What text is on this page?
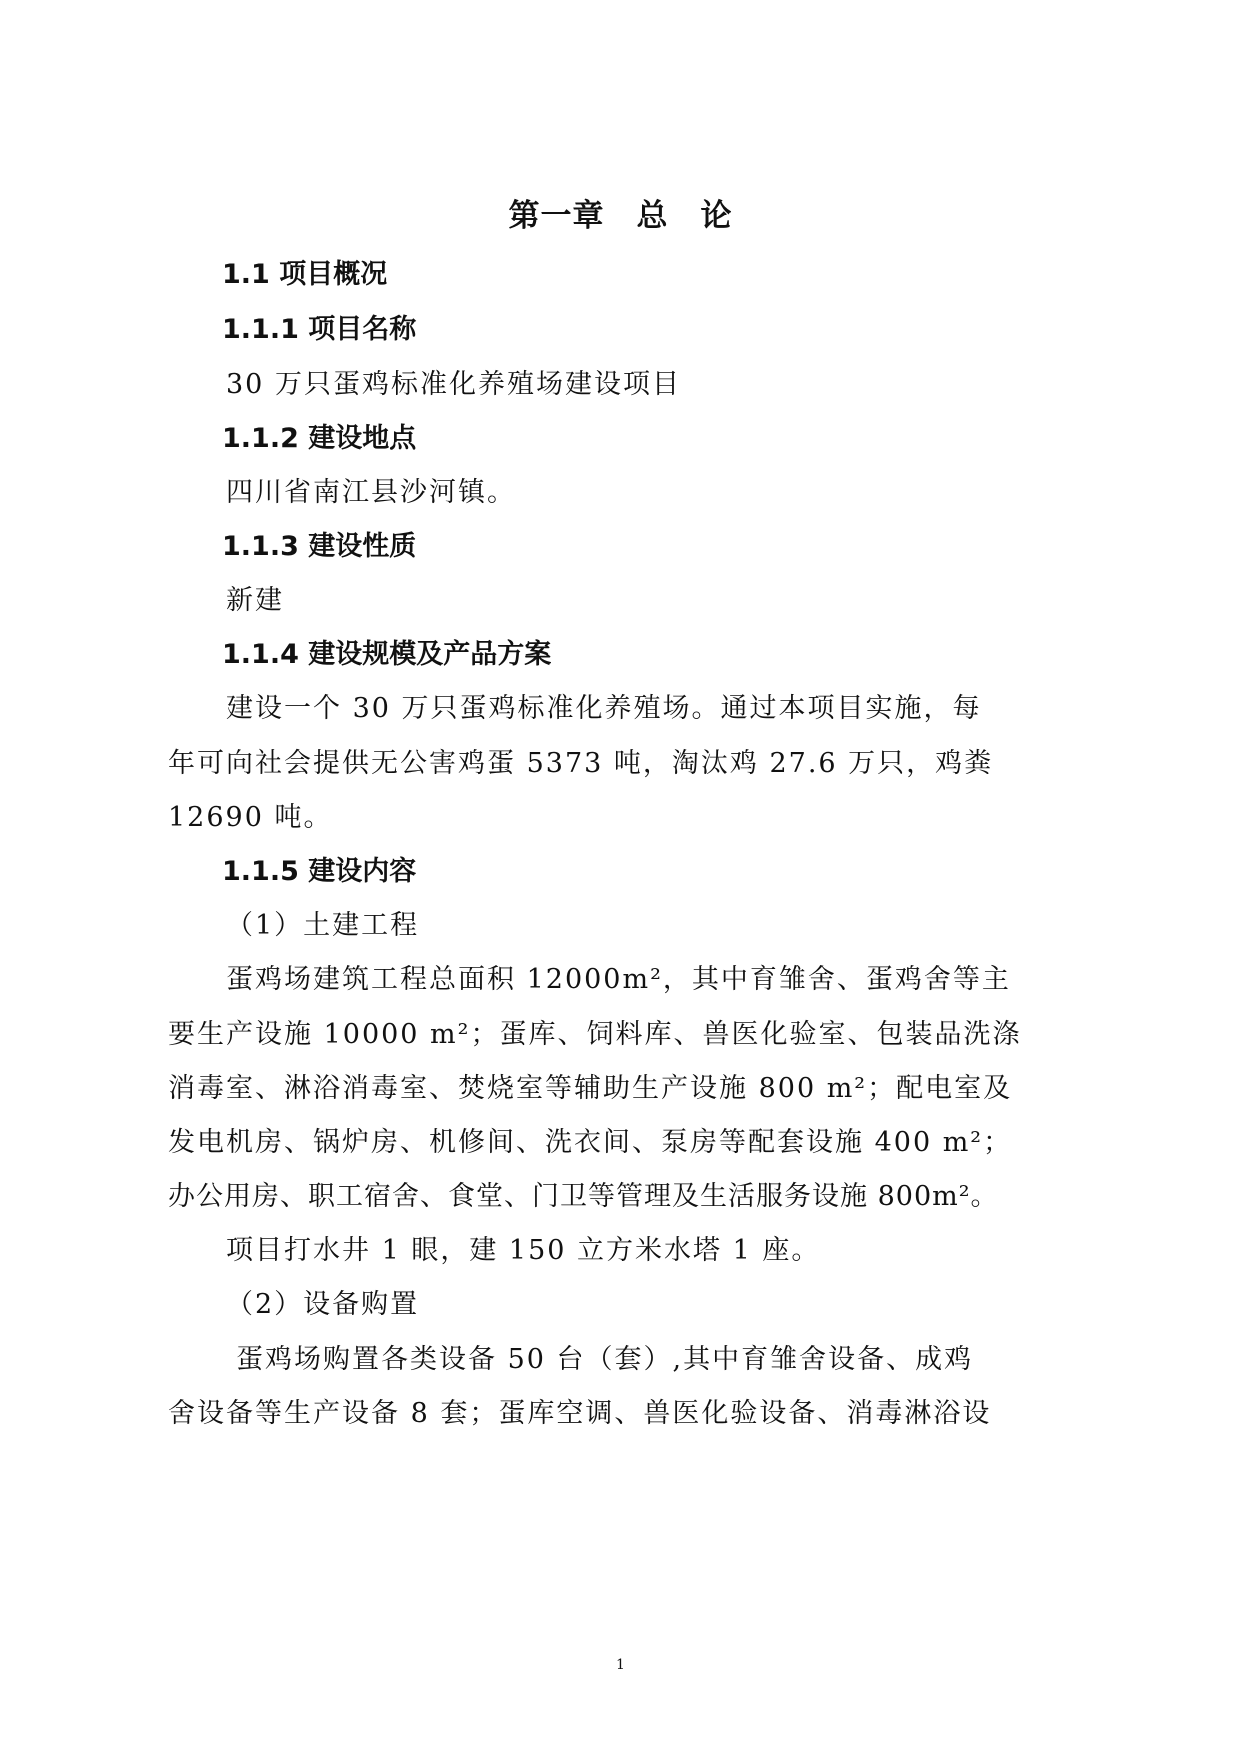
第一章　总　论
1.1 项目概况
1.1.1 项目名称
30 万只蛋鸡标准化养殖场建设项目
1.1.2 建设地点
四川省南江县沙河镇。
1.1.3 建设性质
新建
1.1.4 建设规模及产品方案
建设一个 30 万只蛋鸡标准化养殖场。通过本项目实施，每
年可向社会提供无公害鸡蛋 5373 吨，淘汰鸡 27.6 万只，鸡粪
12690 吨。
1.1.5 建设内容
（1）土建工程
蛋鸡场建筑工程总面积 12000m²，其中育雏舍、蛋鸡舍等主
要生产设施 10000 m²；蛋库、饲料库、兽医化验室、包装品洗涤
消毒室、淋浴消毒室、焚烧室等辅助生产设施 800 m²；配电室及
发电机房、锅炉房、机修间、洗衣间、泵房等配套设施 400 m²；
办公用房、职工宿舍、食堂、门卫等管理及生活服务设施 800m²。
项目打水井 1 眼，建 150 立方米水塔 1 座。
（2）设备购置
蛋鸡场购置各类设备 50 台（套）,其中育雏舍设备、成鸡
舍设备等生产设备 8 套；蛋库空调、兽医化验设备、消毒淋浴设
1
